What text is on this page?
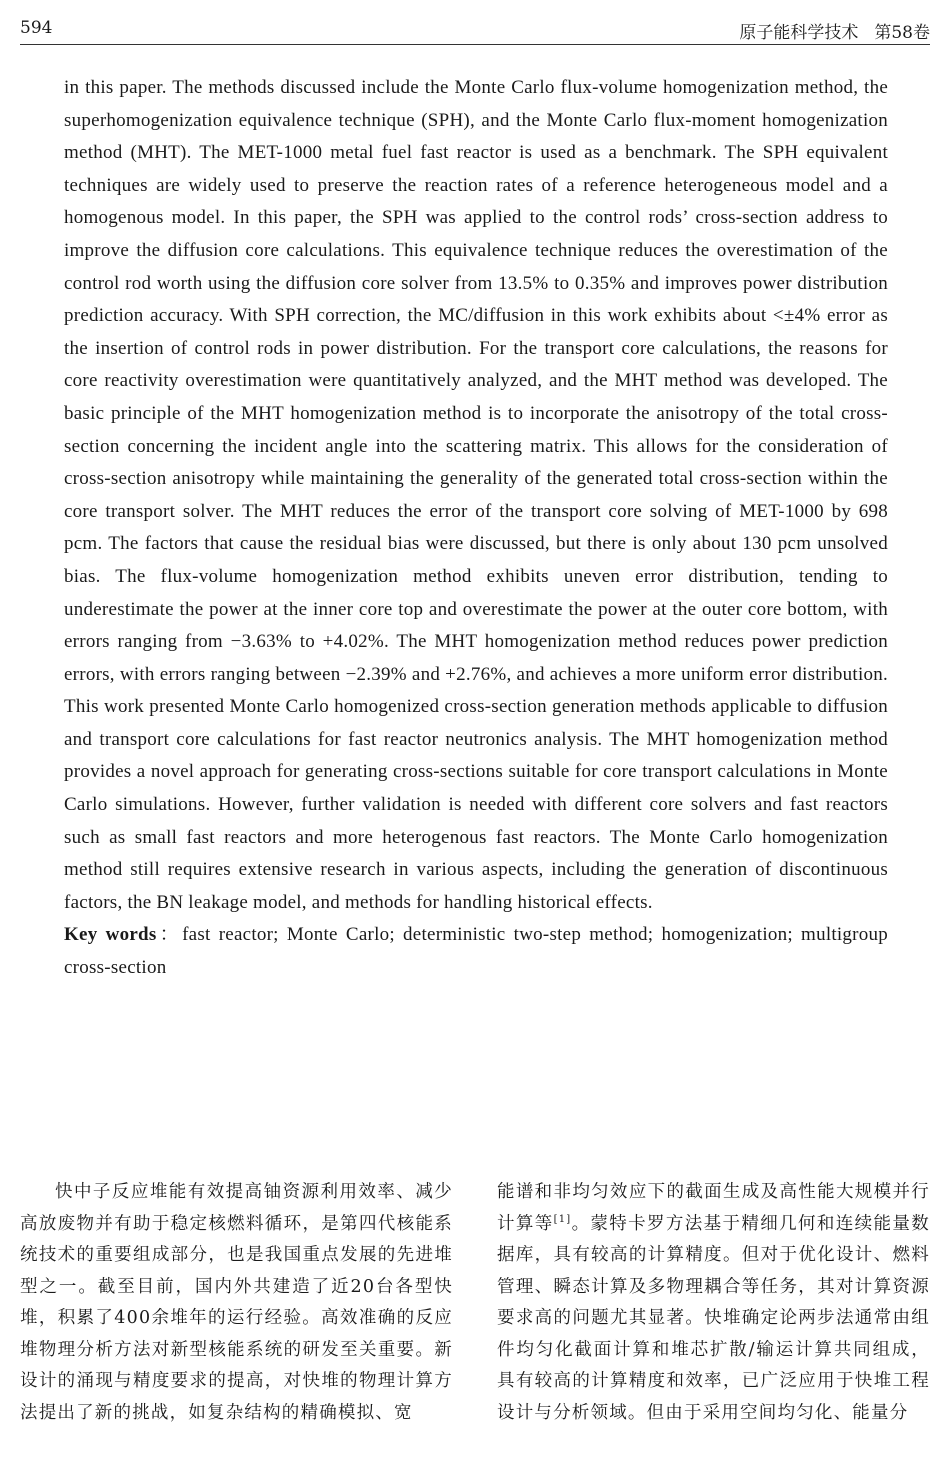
594	原子能科学技术 第58卷

in this paper. The methods discussed include the Monte Carlo flux-volume homogenization method, the superhomogenization equivalence technique (SPH), and the Monte Carlo flux-moment homogenization method (MHT). The MET-1000 metal fuel fast reactor is used as a benchmark. The SPH equivalent techniques are widely used to preserve the reaction rates of a reference heterogeneous model and a homogenous model. In this paper, the SPH was applied to the control rods’ cross-section address to improve the diffusion core calculations. This equivalence technique reduces the overestimation of the control rod worth using the diffusion core solver from 13.5% to 0.35% and improves power distribution prediction accuracy. With SPH correction, the MC/diffusion in this work exhibits about <±4% error as the insertion of control rods in power distribution. For the transport core calculations, the reasons for core reactivity overestimation were quantitatively analyzed, and the MHT method was developed. The basic principle of the MHT homogenization method is to incorporate the anisotropy of the total cross-section concerning the incident angle into the scattering matrix. This allows for the consideration of cross-section anisotropy while maintaining the generality of the generated total cross-section within the core transport solver. The MHT reduces the error of the transport core solving of MET-1000 by 698 pcm. The factors that cause the residual bias were discussed, but there is only about 130 pcm unsolved bias. The flux-volume homogenization method exhibits uneven error distribution, tending to underestimate the power at the inner core top and overestimate the power at the outer core bottom, with errors ranging from −3.63% to +4.02%. The MHT homogenization method reduces power prediction errors, with errors ranging between −2.39% and +2.76%, and achieves a more uniform error distribution. This work presented Monte Carlo homogenized cross-section generation methods applicable to diffusion and transport core calculations for fast reactor neutronics analysis. The MHT homogenization method provides a novel approach for generating cross-sections suitable for core transport calculations in Monte Carlo simulations. However, further validation is needed with different core solvers and fast reactors such as small fast reactors and more heterogenous fast reactors. The Monte Carlo homogenization method still requires extensive research in various aspects, including the generation of discontinuous factors, the BN leakage model, and methods for handling historical effects.

Key words：fast reactor; Monte Carlo; deterministic two-step method; homogenization; multigroup cross-section

快中子反应堆能有效提高铀资源利用效率、减少高放废物并有助于稳定核燃料循环，是第四代核能系统技术的重要组成部分，也是我国重点发展的先进堆型之一。截至目前，国内外共建造了近20台各型快堆，积累了400余堆年的运行经验。高效准确的反应堆物理分析方法对新型核能系统的研发至关重要。新设计的涌现与精度要求的提高，对快堆的物理计算方法提出了新的挑战，如复杂结构的精确模拟、宽

能谱和非均匀效应下的截面生成及高性能大规模并行计算等[1]。蒙特卡罗方法基于精细几何和连续能量数据库，具有较高的计算精度。但对于优化设计、燃料管理、瞬态计算及多物理耦合等任务，其对计算资源要求高的问题尤其显著。快堆确定论两步法通常由组件均匀化截面计算和堆芯扩散/输运计算共同组成，具有较高的计算精度和效率，已广泛应用于快堆工程设计与分析领域。但由于采用空间均匀化、能量分
